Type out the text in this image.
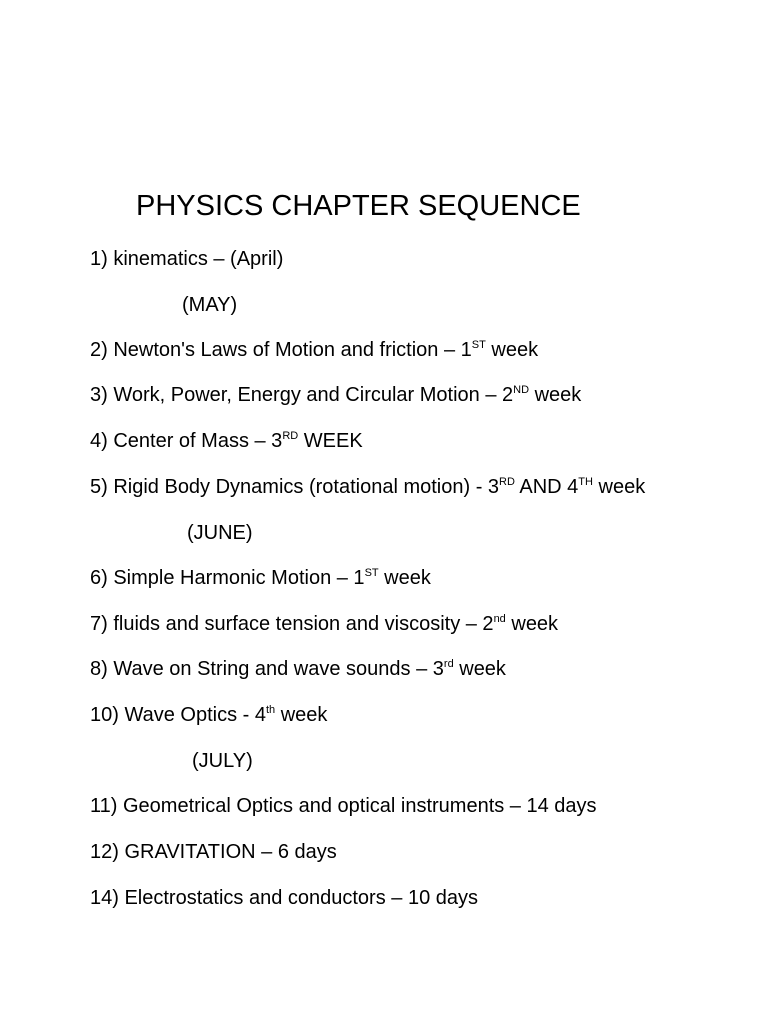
PHYSICS CHAPTER SEQUENCE
1) kinematics – (April)
(MAY)
2) Newton's Laws of Motion and friction – 1ST week
3) Work, Power, Energy and Circular Motion – 2ND week
4) Center of Mass – 3RD WEEK
5) Rigid Body Dynamics (rotational motion) - 3RD AND 4TH week
(JUNE)
6) Simple Harmonic Motion – 1ST week
7) fluids and surface tension and viscosity – 2nd week
8) Wave on String and wave sounds – 3rd week
10) Wave Optics - 4th week
(JULY)
11) Geometrical Optics and optical instruments – 14 days
12) GRAVITATION – 6 days
14) Electrostatics and conductors – 10 days
